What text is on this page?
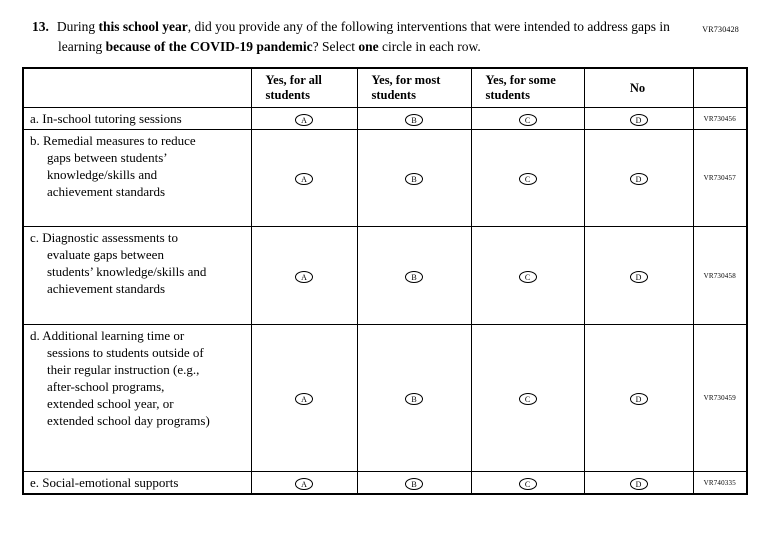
VR730428

13. During this school year, did you provide any of the following interventions that were intended to address gaps in learning because of the COVID-19 pandemic? Select one circle in each row.

	Yes, for all students	Yes, for most students	Yes, for some students	No	

a. In-school tutoring sessions	A	B	C	D	VR730456

b. Remedial measures to reduce gaps between students’ knowledge/skills and achievement standards	A	B	C	D	VR730457

c. Diagnostic assessments to evaluate gaps between students’ knowledge/skills and achievement standards	A	B	C	D	VR730458

d. Additional learning time or sessions to students outside of their regular instruction (e.g., after-school programs, extended school year, or extended school day programs)	A	B	C	D	VR730459

e. Social-emotional supports	A	B	C	D	VR740335
